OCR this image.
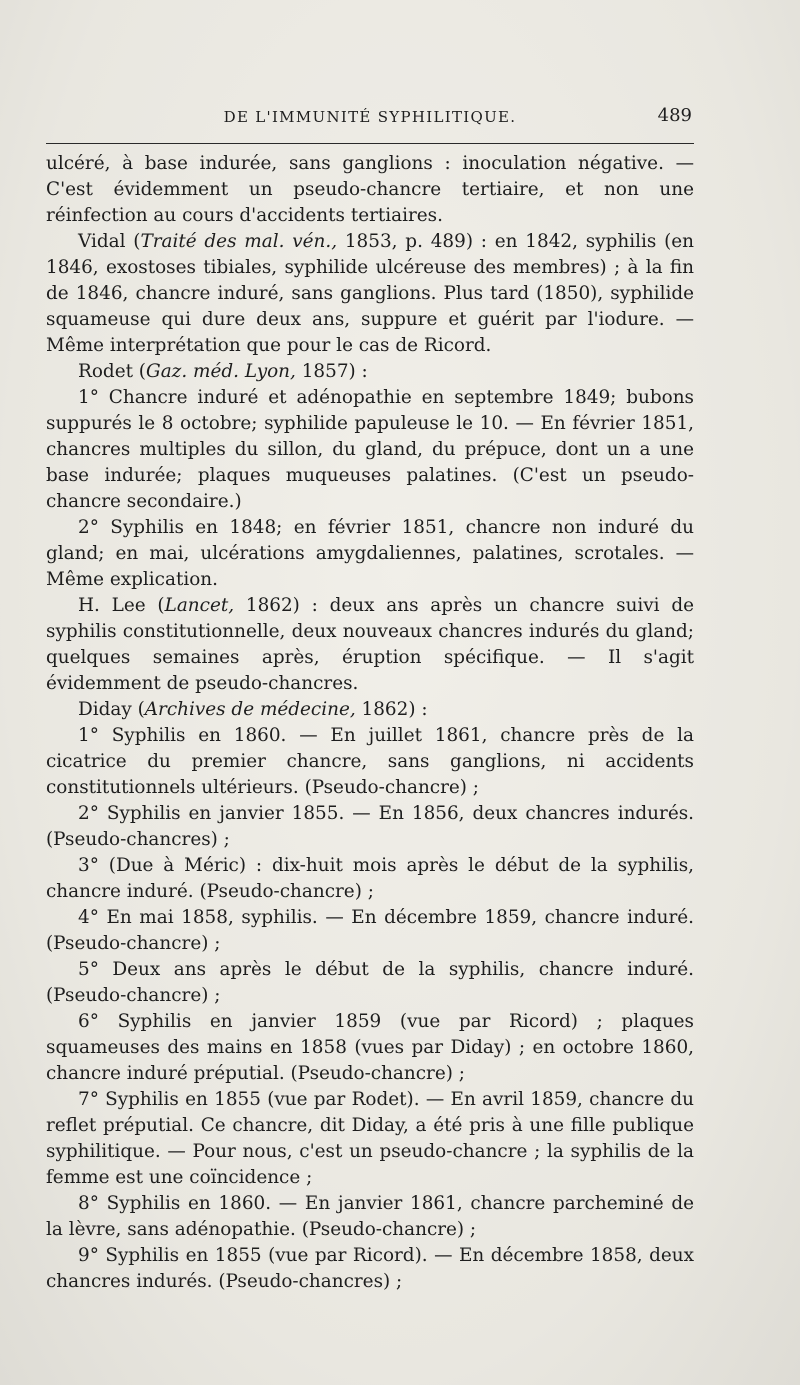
DE L'IMMUNITÉ SYPHILITIQUE.	489

ulcéré, à base indurée, sans ganglions : inoculation négative. — C'est évidemment un pseudo-chancre tertiaire, et non une réinfection au cours d'accidents tertiaires.

Vidal (Traité des mal. vén., 1853, p. 489) : en 1842, syphilis (en 1846, exostoses tibiales, syphilide ulcéreuse des membres) ; à la fin de 1846, chancre induré, sans ganglions. Plus tard (1850), syphilide squameuse qui dure deux ans, suppure et guérit par l'iodure. — Même interprétation que pour le cas de Ricord.

Rodet (Gaz. méd. Lyon, 1857) :

1° Chancre induré et adénopathie en septembre 1849; bubons suppurés le 8 octobre; syphilide papuleuse le 10. — En février 1851, chancres multiples du sillon, du gland, du prépuce, dont un a une base indurée; plaques muqueuses palatines. (C'est un pseudo-chancre secondaire.)

2° Syphilis en 1848; en février 1851, chancre non induré du gland; en mai, ulcérations amygdaliennes, palatines, scrotales. — Même explication.

H. Lee (Lancet, 1862) : deux ans après un chancre suivi de syphilis constitutionnelle, deux nouveaux chancres indurés du gland; quelques semaines après, éruption spécifique. — Il s'agit évidemment de pseudo-chancres.

Diday (Archives de médecine, 1862) :

1° Syphilis en 1860. — En juillet 1861, chancre près de la cicatrice du premier chancre, sans ganglions, ni accidents constitutionnels ultérieurs. (Pseudo-chancre) ;

2° Syphilis en janvier 1855. — En 1856, deux chancres indurés. (Pseudo-chancres) ;

3° (Due à Méric) : dix-huit mois après le début de la syphilis, chancre induré. (Pseudo-chancre) ;

4° En mai 1858, syphilis. — En décembre 1859, chancre induré. (Pseudo-chancre) ;

5° Deux ans après le début de la syphilis, chancre induré. (Pseudo-chancre) ;

6° Syphilis en janvier 1859 (vue par Ricord) ; plaques squameuses des mains en 1858 (vues par Diday) ; en octobre 1860, chancre induré préputial. (Pseudo-chancre) ;

7° Syphilis en 1855 (vue par Rodet). — En avril 1859, chancre du reflet préputial. Ce chancre, dit Diday, a été pris à une fille publique syphilitique. — Pour nous, c'est un pseudo-chancre ; la syphilis de la femme est une coïncidence ;

8° Syphilis en 1860. — En janvier 1861, chancre parcheminé de la lèvre, sans adénopathie. (Pseudo-chancre) ;

9° Syphilis en 1855 (vue par Ricord). — En décembre 1858, deux chancres indurés. (Pseudo-chancres) ;
